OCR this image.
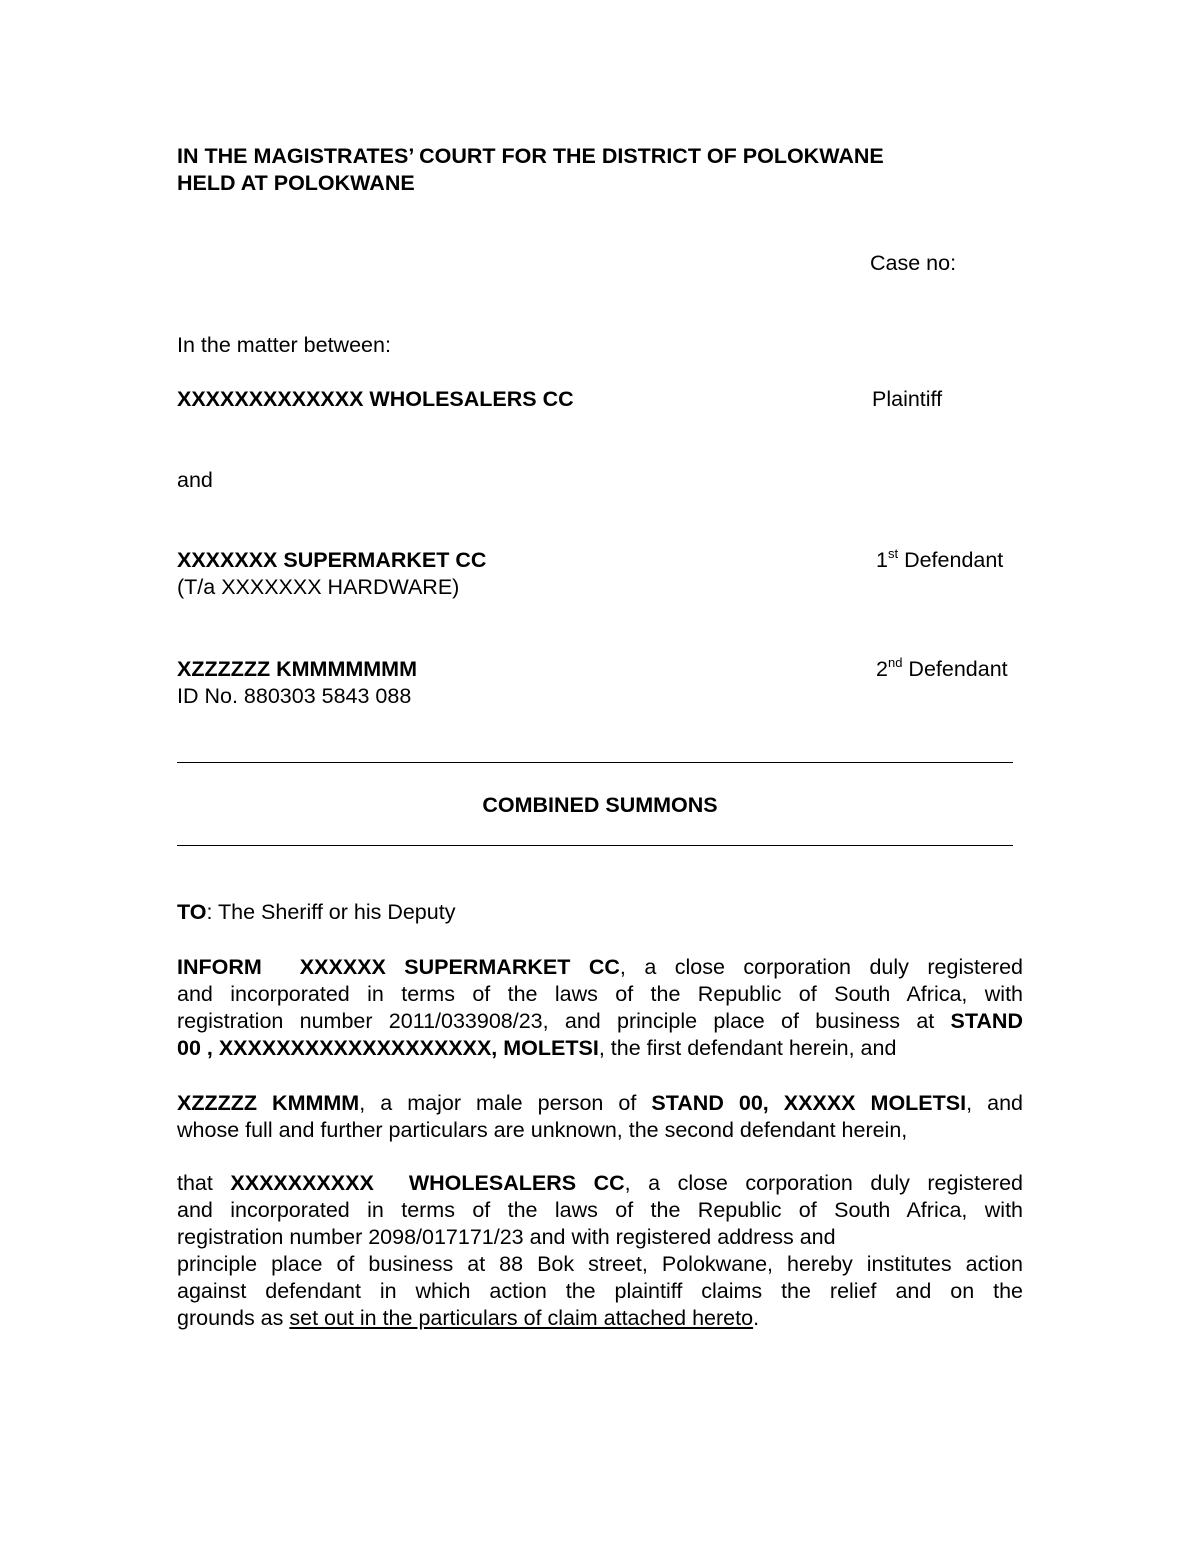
IN THE MAGISTRATES’ COURT FOR THE DISTRICT OF POLOKWANE
HELD AT POLOKWANE
Case no:
In the matter between:
XXXXXXXXXXXXX WHOLESALERS CC	Plaintiff
and
XXXXXXX SUPERMARKET CC
(T/a XXXXXXX HARDWARE)
1st Defendant
XZZZZZZ KMMMMMMM
ID No. 880303 5843 088
2nd Defendant
COMBINED SUMMONS
TO: The Sheriff or his Deputy
INFORM XXXXXX SUPERMARKET CC, a close corporation duly registered
and incorporated in terms of the laws of the Republic of South Africa, with
registration number 2011/033908/23, and principle place of business at STAND
00 , XXXXXXXXXXXXXXXXXXX, MOLETSI, the first defendant herein, and
XZZZZZ KMMMM, a major male person of STAND 00, XXXXX MOLETSI, and
whose full and further particulars are unknown, the second defendant herein,
that XXXXXXXXXX  WHOLESALERS CC, a close corporation duly registered
and incorporated in terms of the laws of the Republic of South Africa, with
registration number 2098/017171/23 and with registered address and
principle place of business at 88 Bok street, Polokwane, hereby institutes action
against defendant in which action the plaintiff claims the relief and on the
grounds as set out in the particulars of claim attached hereto.
